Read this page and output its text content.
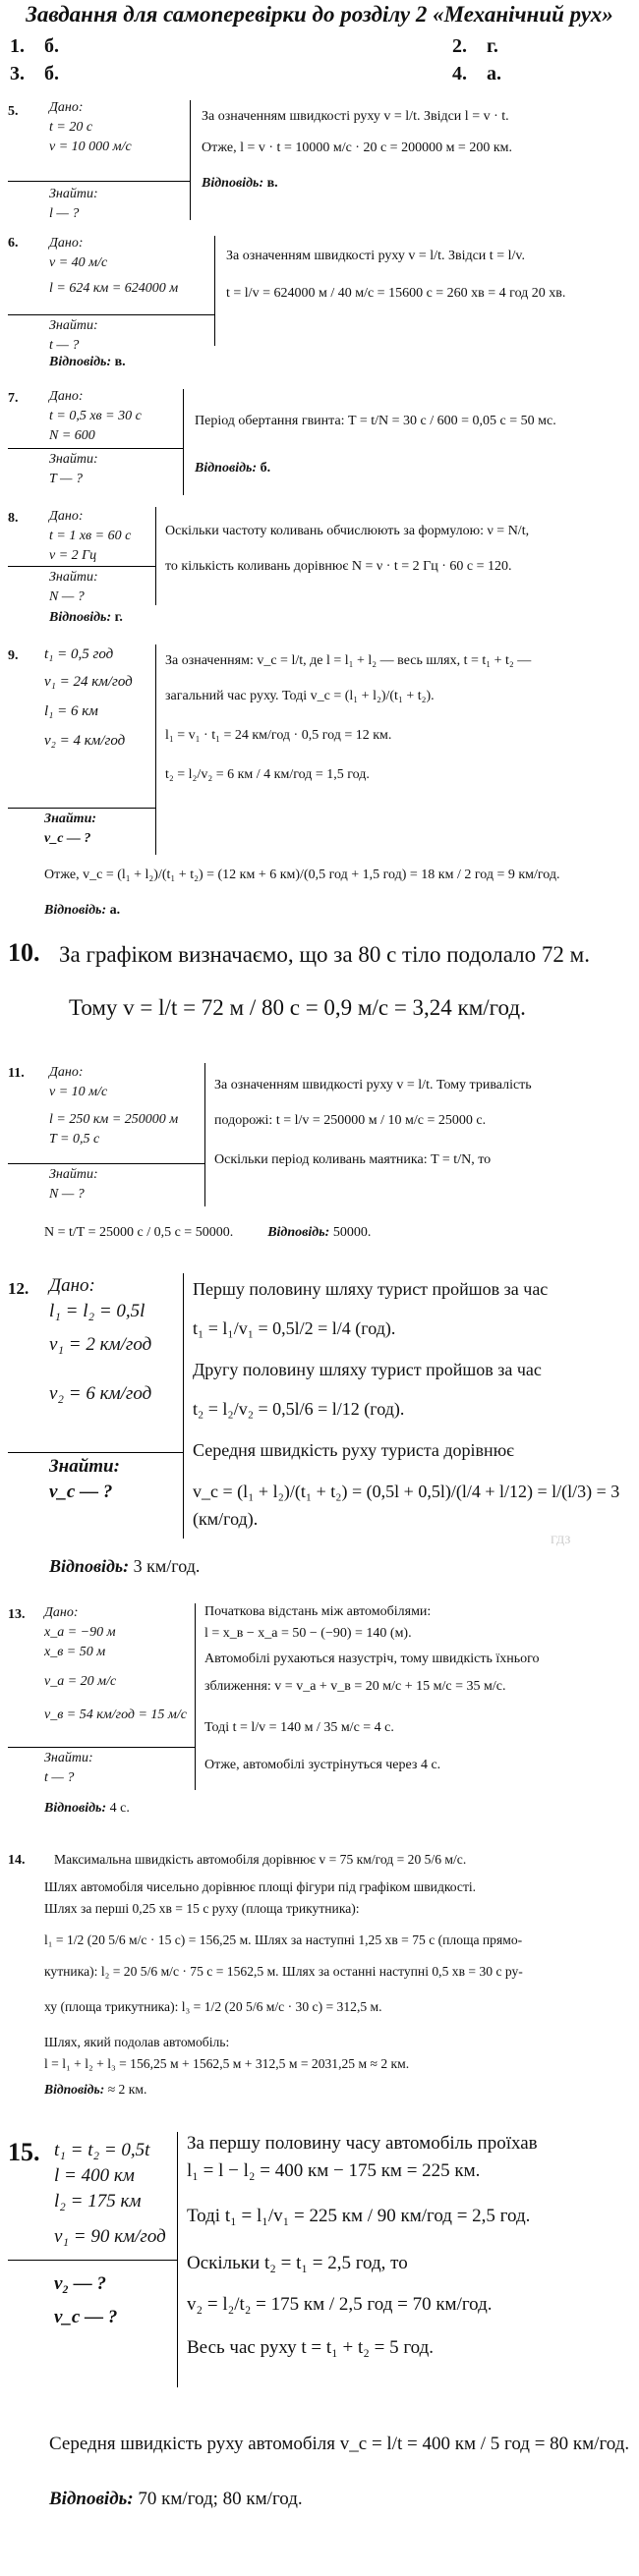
Завдання для самоперевірки до розділу 2 «Механічний рух»
1. б.	2. г.
3. б.	4. а.
5. Дано:
t = 20 с
v = 10 000 м/с
Знайти:
l — ?
За означенням швидкості руху v = l/t. Звідси l = v · t.
Отже, l = v · t = 10000 м/с · 20 с = 200000 м = 200 км.
Відповідь: в.
6. Дано:
v = 40 м/с
l = 624 км = 624000 м
Знайти:
t — ?
За означенням швидкості руху v = l/t. Звідси t = l/v.
t = l/v = 624000 м / 40 м/с = 15600 с = 260 хв = 4 год 20 хв.
Відповідь: в.
7. Дано:
t = 0,5 хв = 30 с
N = 600
Знайти:
T — ?
Період обертання гвинта: T = t/N = 30 с / 600 = 0,05 с = 50 мс.
Відповідь: б.
8. Дано:
t = 1 хв = 60 с
ν = 2 Гц
Знайти:
N — ?
Оскільки частоту коливань обчислюють за формулою: ν = N/t,
то кількість коливань дорівнює N = ν · t = 2 Гц · 60 с = 120.
Відповідь: г.
9. t₁ = 0,5 год
v₁ = 24 км/год
l₁ = 6 км
v₂ = 4 км/год
Знайти:
v_c — ?
За означенням: v_c = l/t, де l = l₁ + l₂ — весь шлях, t = t₁ + t₂ —
загальний час руху. Тоді v_c = (l₁ + l₂)/(t₁ + t₂).
l₁ = v₁ · t₁ = 24 км/год · 0,5 год = 12 км.
t₂ = l₂/v₂ = 6 км / 4 км/год = 1,5 год.
Отже, v_c = (l₁ + l₂)/(t₁ + t₂) = (12 км + 6 км)/(0,5 год + 1,5 год) = 18 км / 2 год = 9 км/год.
Відповідь: а.
10. За графіком визначаємо, що за 80 с тіло подолало 72 м.
Тому v = l/t = 72 м / 80 с = 0,9 м/с = 3,24 км/год.
11. Дано:
v = 10 м/с
l = 250 км = 250000 м
T = 0,5 с
Знайти:
N — ?
За означенням швидкості руху v = l/t. Тому тривалість
подорожі: t = l/v = 250000 м / 10 м/с = 25000 с.
Оскільки період коливань маятника: T = t/N, то
N = t/T = 25000 с / 0,5 с = 50000.	Відповідь: 50000.
12. Дано:
l₁ = l₂ = 0,5l
v₁ = 2 км/год
v₂ = 6 км/год
Знайти:
v_c — ?
Першу половину шляху турист пройшов за час
t₁ = l₁/v₁ = 0,5l/2 = l/4 (год).
Другу половину шляху турист пройшов за час
t₂ = l₂/v₂ = 0,5l/6 = l/12 (год).
Середня швидкість руху туриста дорівнює
v_c = (l₁ + l₂)/(t₁ + t₂) = (0,5l + 0,5l)/(l/4 + l/12) = l/(l/3) = 3 (км/год).
Відповідь: 3 км/год.
13. Дано:
x_a = −90 м
x_в = 50 м
v_a = 20 м/с
v_в = 54 км/год = 15 м/с
Знайти:
t — ?
Початкова відстань між автомобілями:
l = x_в − x_a = 50 − (−90) = 140 (м).
Автомобілі рухаються назустріч, тому швидкість їхнього
зближення: v = v_a + v_в = 20 м/с + 15 м/с = 35 м/с.
Тоді t = l/v = 140 м / 35 м/с = 4 с.
Отже, автомобілі зустрінуться через 4 с.
Відповідь: 4 с.
14. Максимальна швидкість автомобіля дорівнює v = 75 км/год = 20 5/6 м/с.
Шлях автомобіля чисельно дорівнює площі фігури під графіком швидкості.
Шлях за перші 0,25 хв = 15 с руху (площа трикутника):
l₁ = 1/2 (20 5/6 м/с · 15 с) = 156,25 м. Шлях за наступні 1,25 хв = 75 с (площа прямо-
кутника): l₂ = 20 5/6 м/с · 75 с = 1562,5 м. Шлях за останні наступні 0,5 хв = 30 с ру-
ху (площа трикутника): l₃ = 1/2 (20 5/6 м/с · 30 с) = 312,5 м.
Шлях, який подолав автомобіль:
l = l₁ + l₂ + l₃ = 156,25 м + 1562,5 м + 312,5 м = 2031,25 м ≈ 2 км.
Відповідь: ≈ 2 км.
15. t₁ = t₂ = 0,5t
l = 400 км
l₂ = 175 км
v₁ = 90 км/год
v₂ — ?
v_c — ?
За першу половину часу автомобіль проїхав
l₁ = l − l₂ = 400 км − 175 км = 225 км.
Тоді t₁ = l₁/v₁ = 225 км / 90 км/год = 2,5 год.
Оскільки t₂ = t₁ = 2,5 год, то
v₂ = l₂/t₂ = 175 км / 2,5 год = 70 км/год.
Весь час руху t = t₁ + t₂ = 5 год.
Середня швидкість руху автомобіля v_c = l/t = 400 км / 5 год = 80 км/год.
Відповідь: 70 км/год; 80 км/год.
ГДЗ
